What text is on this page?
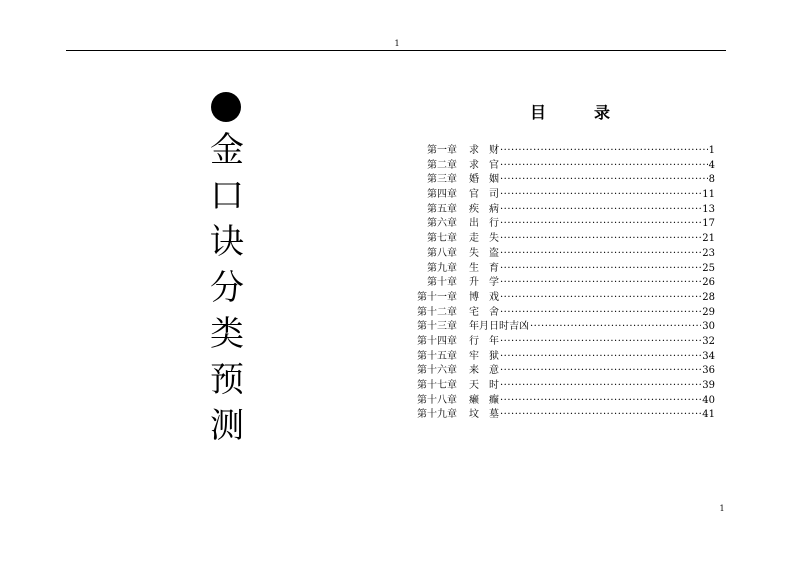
1
金
口
诀
分
类
预
测
目	录
第一章 求　财 ·····	1
第二章 求　官 ·····	4
第三章 婚　姻 ·····	8
第四章 官　司 ·····	11
第五章 疾　病 ·····	13
第六章 出　行 ·····	17
第七章 走　失 ·····	21
第八章 失　盗 ·····	23
第九章 生　育 ·····	25
第十章 升　学 ·····	26
第十一章 博　戏 ·····	28
第十二章 宅　舍 ·····	29
第十三章 年月日时吉凶 ·····	30
第十四章 行　年 ·····	32
第十五章 牢　狱 ·····	34
第十六章 来　意 ·····	36
第十七章 天　时 ·····	39
第十八章 癞　癫 ·····	40
第十九章 坟　墓 ·····	41
1
